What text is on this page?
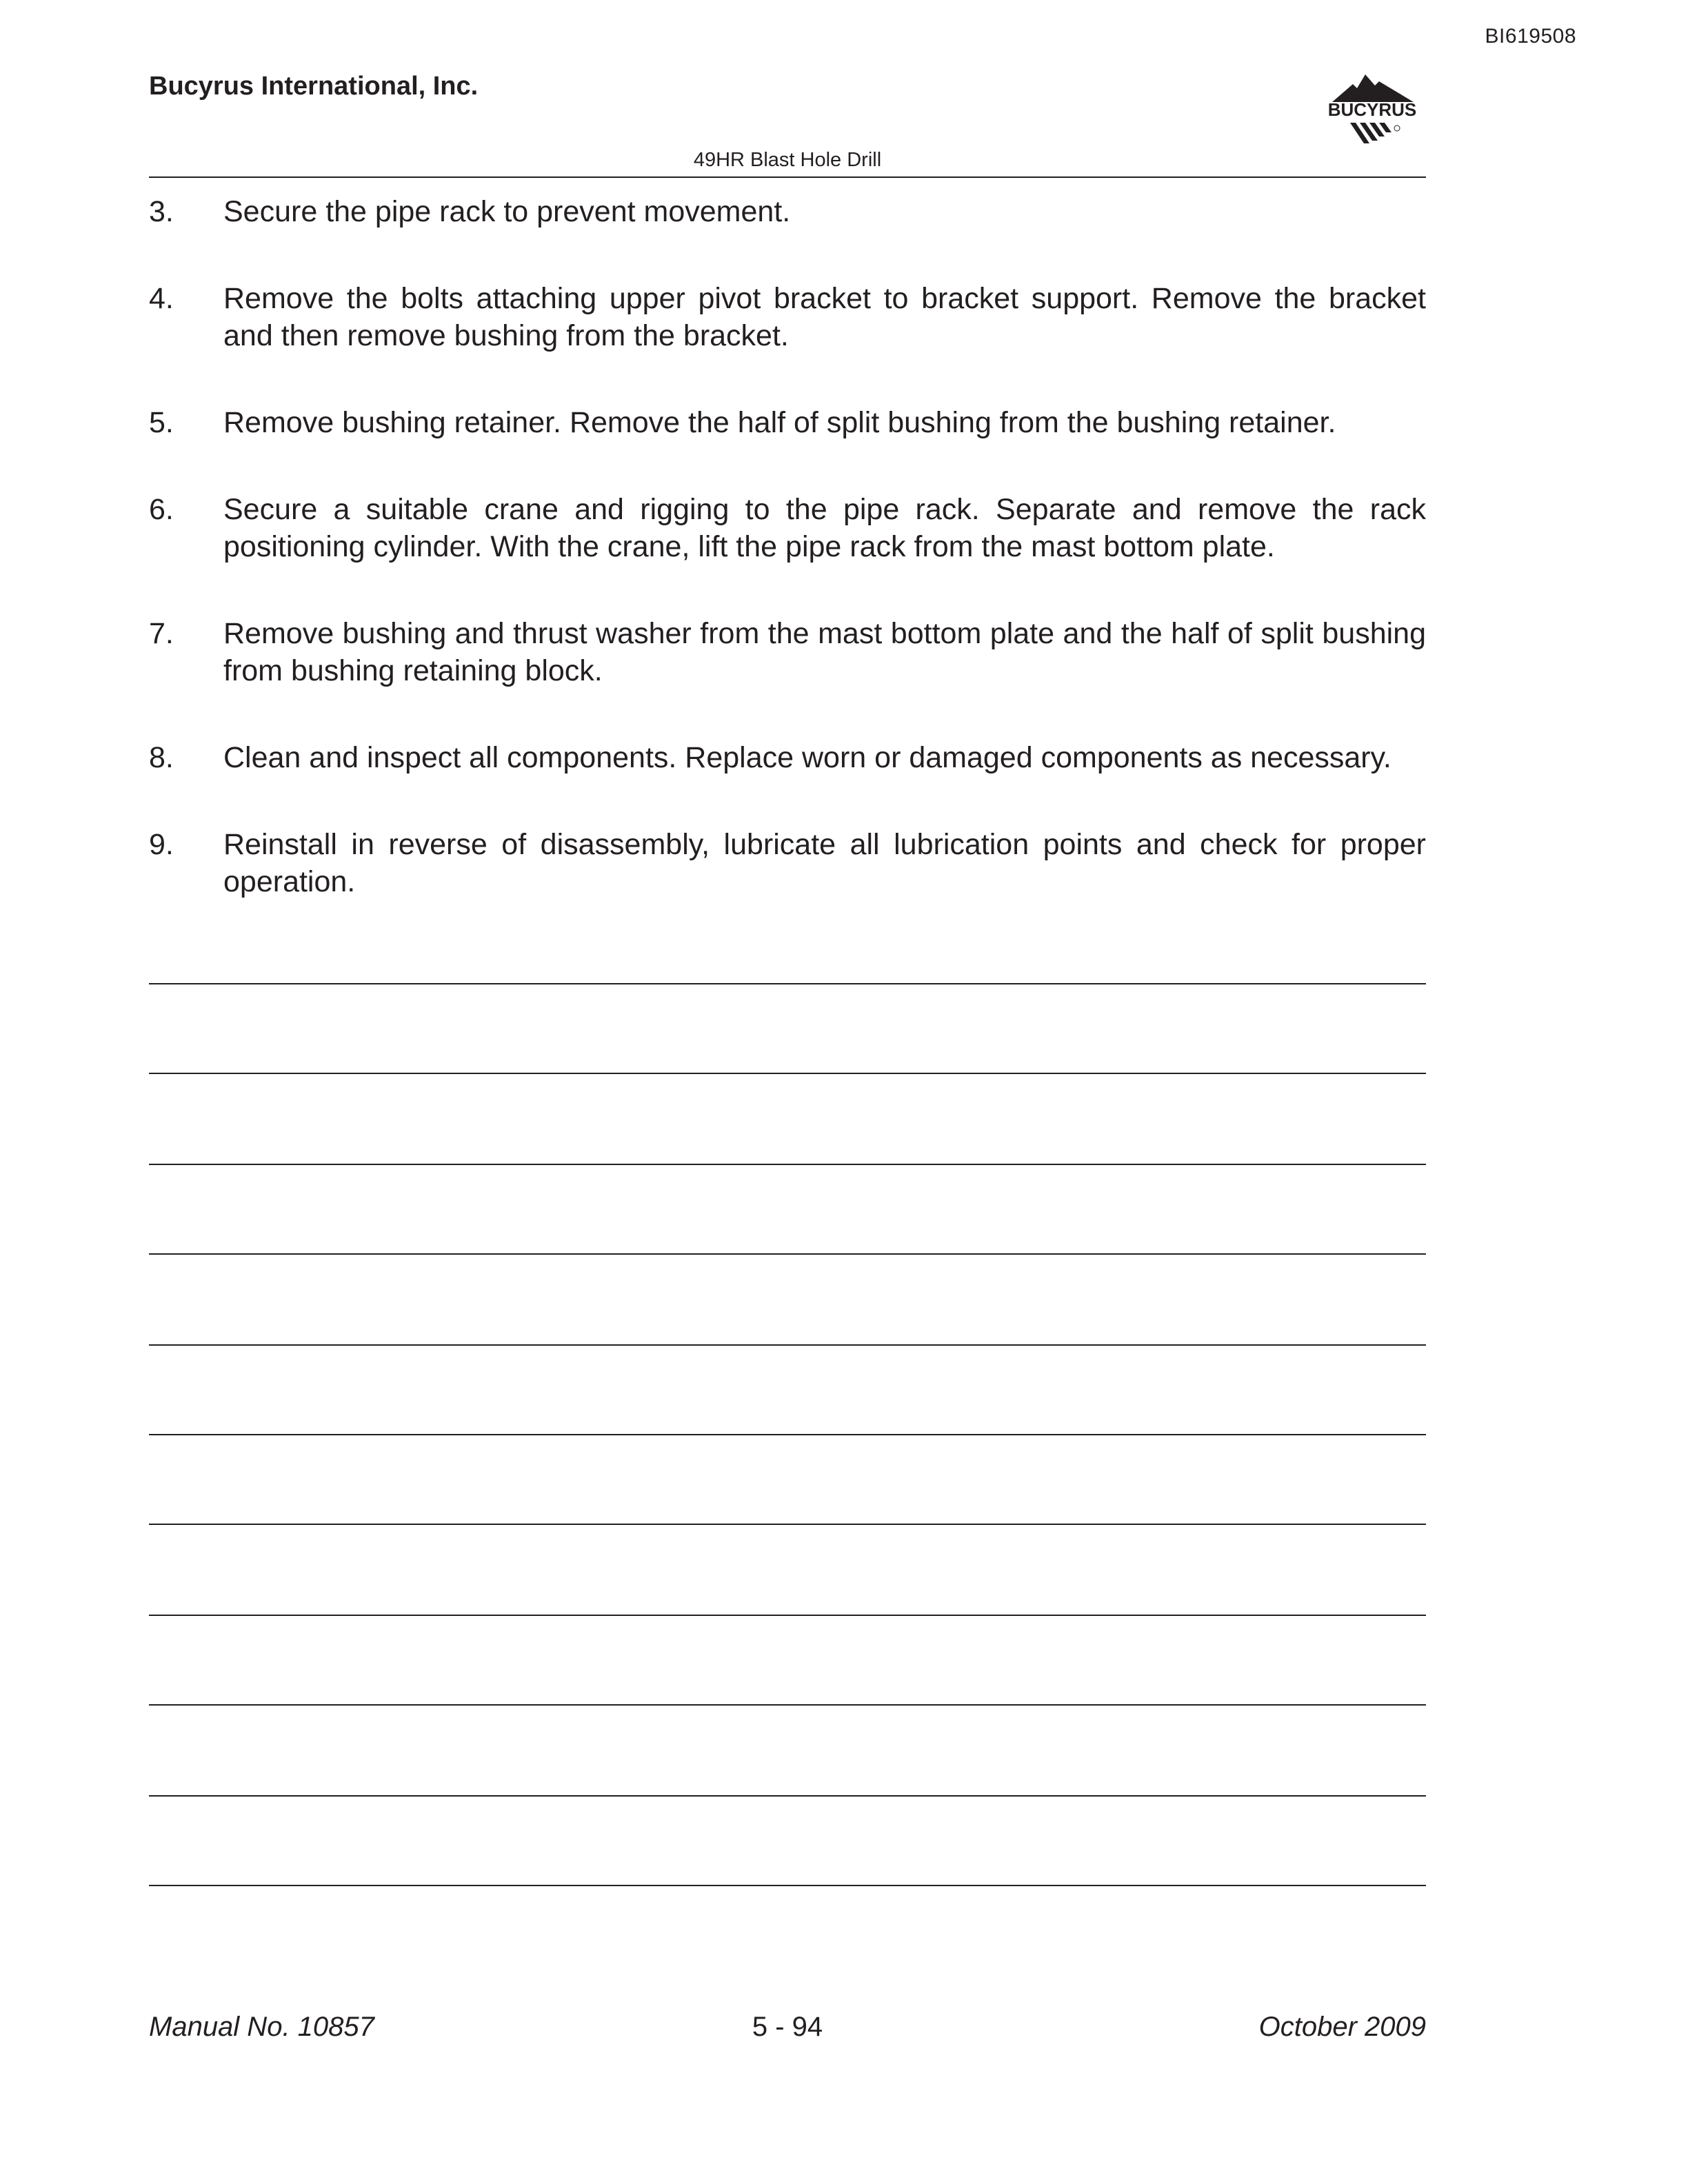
BI619508
Bucyrus International, Inc.
BUCYRUS
49HR Blast Hole Drill
3.	Secure the pipe rack to prevent movement.
4.	Remove the bolts attaching upper pivot bracket to bracket support. Remove the bracket and then remove bushing from the bracket.
5.	Remove bushing retainer. Remove the half of split bushing from the bushing retainer.
6.	Secure a suitable crane and rigging to the pipe rack. Separate and remove the rack positioning cylinder. With the crane, lift the pipe rack from the mast bottom plate.
7.	Remove bushing and thrust washer from the mast bottom plate and the half of split bushing from bushing retaining block.
8.	Clean and inspect all components. Replace worn or damaged components as necessary.
9.	Reinstall in reverse of disassembly, lubricate all lubrication points and check for proper operation.
5 - 94
Manual No. 10857	October 2009
